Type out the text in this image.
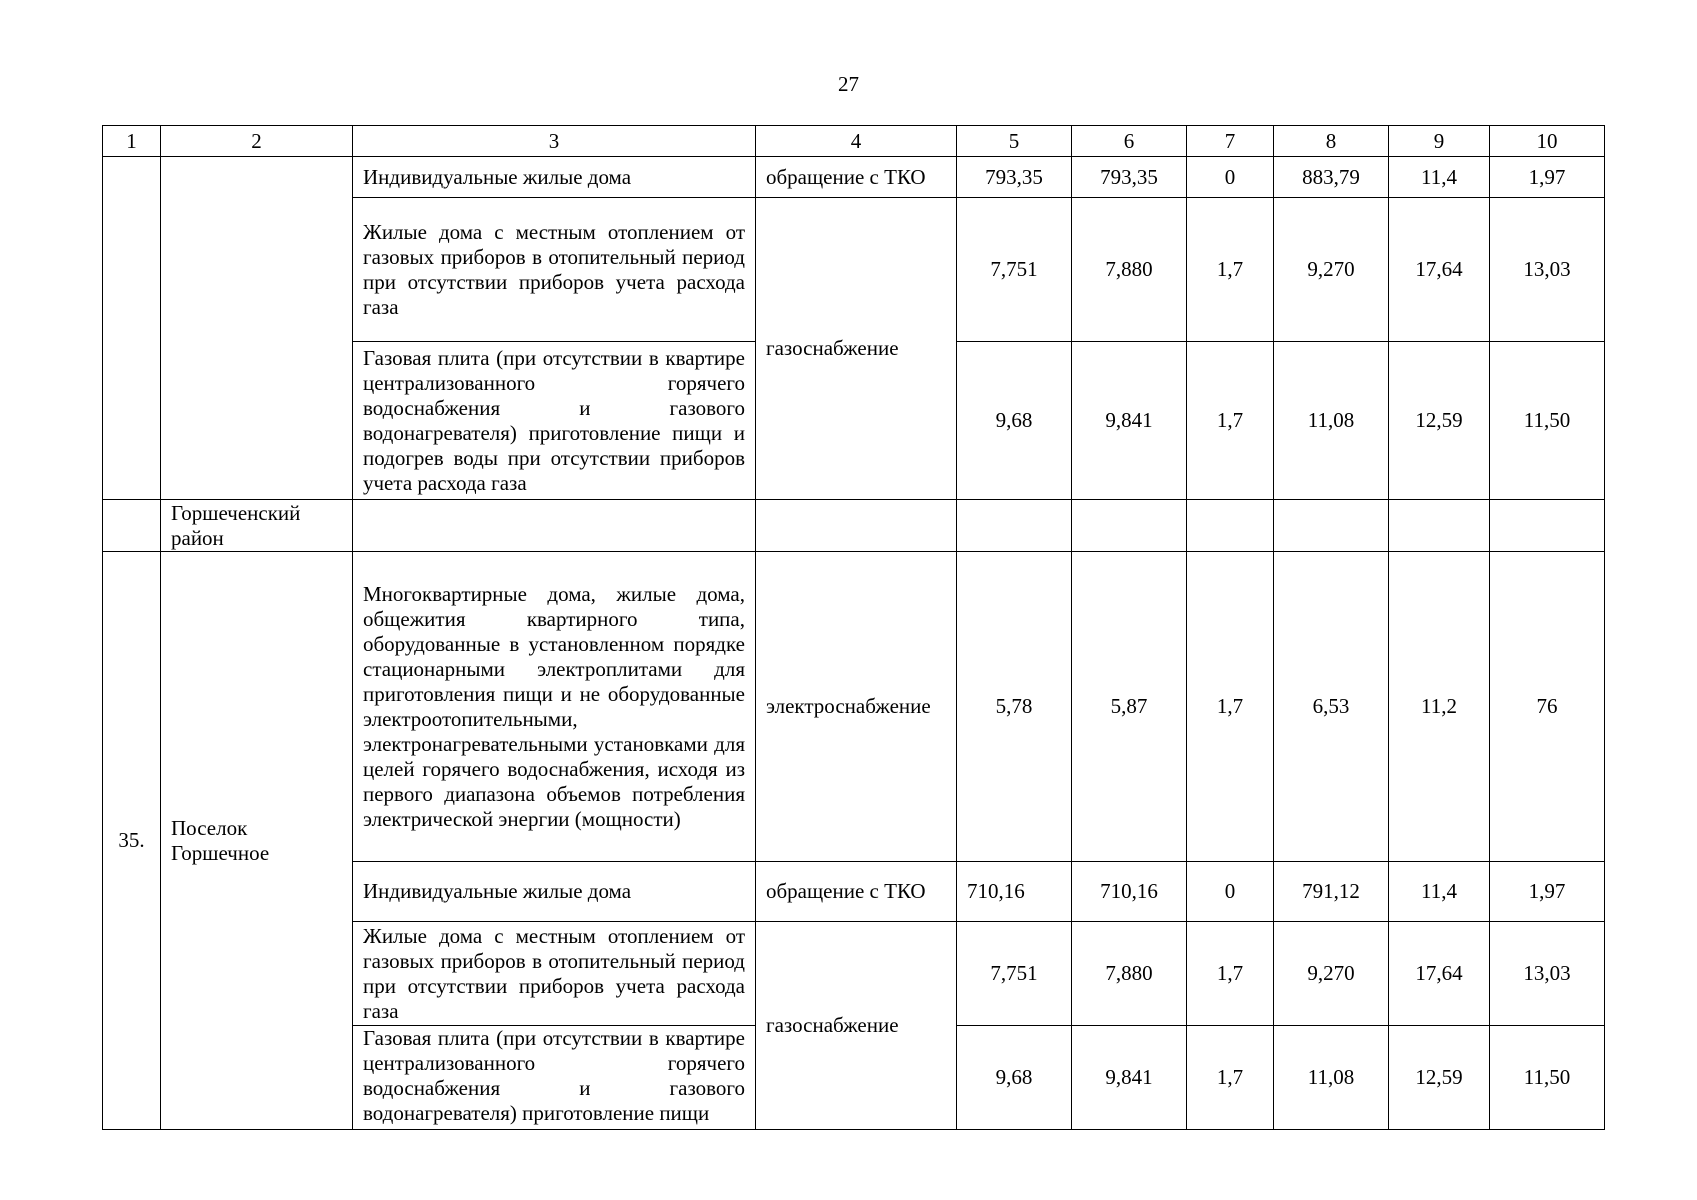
27
1	2	3	4	5	6	7	8	9	10
		Индивидуальные жилые дома	обращение с ТКО	793,35	793,35	0	883,79	11,4	1,97
		Жилые дома с местным отоплением от газовых приборов в отопительный период при отсутствии приборов учета расхода газа	газоснабжение	7,751	7,880	1,7	9,270	17,64	13,03
		Газовая плита (при отсутствии в квартире централизованного горячего водоснабжения и газового водонагревателя) приготовление пищи и подогрев воды при отсутствии приборов учета расхода газа		9,68	9,841	1,7	11,08	12,59	11,50
	Горшеченский район								
35.	Поселок Горшечное	Многоквартирные дома, жилые дома, общежития квартирного типа, оборудованные в установленном порядке стационарными электроплитами для приготовления пищи и не оборудованные электроотопительными, электронагревательными установками для целей горячего водоснабжения, исходя из первого диапазона объемов потребления электрической энергии (мощности)	электроснабжение	5,78	5,87	1,7	6,53	11,2	76
		Индивидуальные жилые дома	обращение с ТКО	710,16	710,16	0	791,12	11,4	1,97
		Жилые дома с местным отоплением от газовых приборов в отопительный период при отсутствии приборов учета расхода газа	газоснабжение	7,751	7,880	1,7	9,270	17,64	13,03

		Газовая плита (при отсутствии в квартире централизованного горячего водоснабжения и газового водонагревателя) приготовление пищи		9,68	9,841	1,7	11,08	12,59	11,50
